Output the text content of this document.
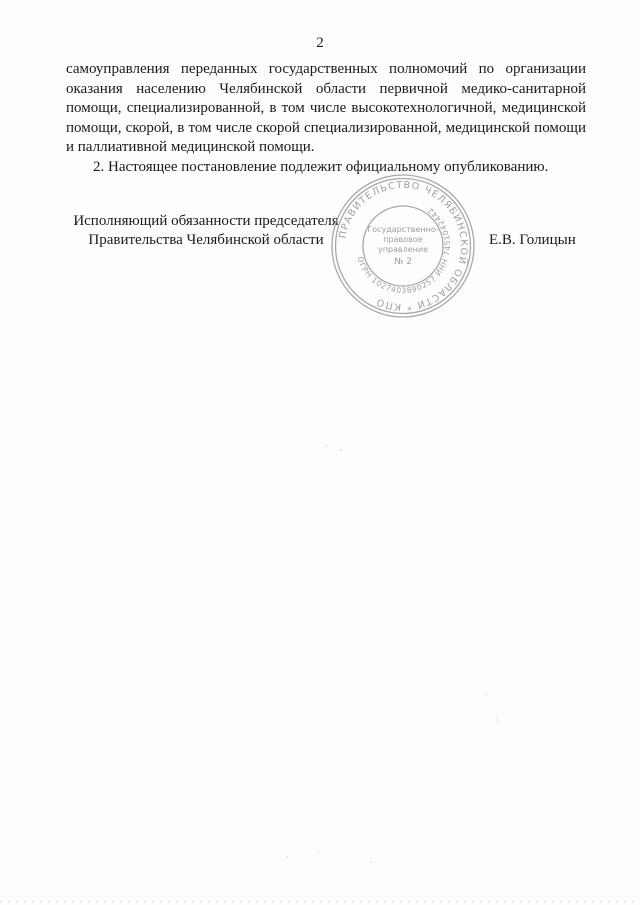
2

самоуправления переданных государственных полномочий по организации оказания населению Челябинской области первичной медико-санитарной помощи, специализированной, в том числе высокотехнологичной, медицинской помощи, скорой, в том числе скорой специализированной, медицинской помощи и паллиативной медицинской помощи.

2. Настоящее постановление подлежит официальному опубликованию.

Исполняющий обязанности председателя
Правительства Челябинской области	ПРАВИТЕЛЬСТВО ЧЕЛЯБИНСКОЙ ОБЛАСТИ * КПО
ОГРН 1027403890257 ИНН 7451042442
Государственно-
правовое
управление
№ 2
Е.В. Голицын
